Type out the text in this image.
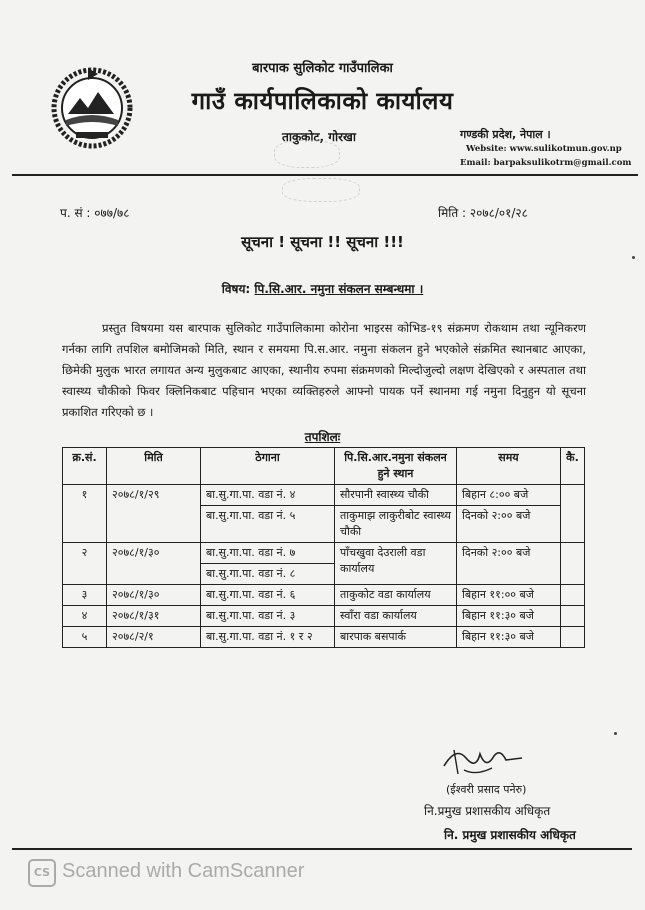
बारपाक सुलिकोट गाउँपालिका
गाउँ कार्यपालिकाको कार्यालय
ताकुकोट, गोरखा	गण्डकी प्रदेश, नेपाल ।
Website: www.sulikotmun.gov.np
Email: barpaksulikotrm@gmail.com
प. सं : ०७७/७८	मिति : २०७८/०१/२८
सूचना ! सूचना !! सूचना !!!
विषय: पि.सि.आर. नमुना संकलन सम्बन्धमा ।
प्रस्तुत विषयमा यस बारपाक सुलिकोट गाउँपालिकामा कोरोना भाइरस कोभिड-१९ संक्रमण रोकथाम तथा न्यूनिकरण गर्नका लागि तपशिल बमोजिमको मिति, स्थान र समयमा पि.स.आर. नमुना संकलन हुने भएकोले संक्रमित स्थानबाट आएका, छिमेकी मुलुक भारत लगायत अन्य मुलुकबाट आएका, स्थानीय रुपमा संक्रमणको मिल्दोजुल्दो लक्षण देखिएको र अस्पताल तथा स्वास्थ्य चौकीको फिवर क्लिनिकबाट पहिचान भएका व्यक्तिहरुले आफ्नो पायक पर्ने स्थानमा गई नमुना दिनुहुन यो सूचना प्रकाशित गरिएको छ ।
तपशिलः
क्र.सं.	मिति	ठेगाना	पि.सि.आर.नमुना संकलन हुने स्थान	समय	कै.
१	२०७८/१/२९	बा.सु.गा.पा. वडा नं. ४	सौरपानी स्वास्थ्य चौकी	बिहान ८:०० बजे	
		बा.सु.गा.पा. वडा नं. ५	ताकुमाझ लाकुरीबोट स्वास्थ्य चौकी	दिनको २:०० बजे	
२	२०७८/१/३०	बा.सु.गा.पा. वडा नं. ७	पाँचखुवा देउराली वडा कार्यालय	दिनको २:०० बजे	
		बा.सु.गा.पा. वडा नं. ८			
३	२०७८/१/३०	बा.सु.गा.पा. वडा नं. ६	ताकुकोट वडा कार्यालय	बिहान ११:०० बजे	
४	२०७८/१/३१	बा.सु.गा.पा. वडा नं. ३	स्वाँरा वडा कार्यालय	बिहान ११:३० बजे	
५	२०७८/२/१	बा.सु.गा.पा. वडा नं. १ र २	बारपाक बसपार्क	बिहान ११:३० बजे	
(ईश्वरी प्रसाद पनेरु)
नि.प्रमुख प्रशासकीय अधिकृत
नि. प्रमुख प्रशासकीय अधिकृत
CS Scanned with CamScanner
